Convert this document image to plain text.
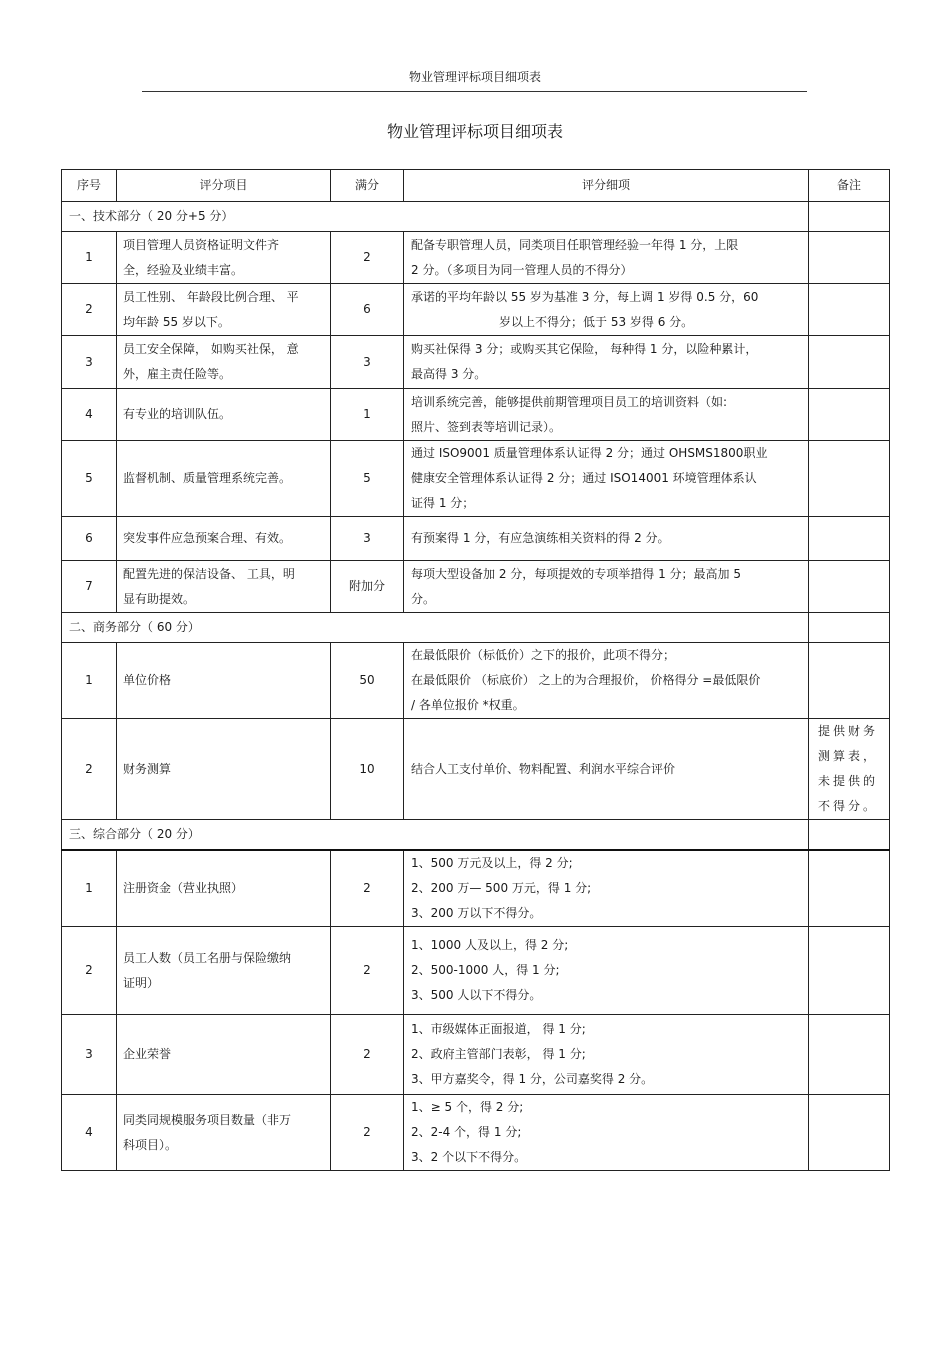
物业管理评标项目细项表
物业管理评标项目细项表
序号	评分项目	满分	评分细项	备注
一、技术部分（ 20 分+5 分）				
1	项目管理人员资格证明文件齐
全，经验及业绩丰富。	2	配备专职管理人员，同类项目任职管理经验一年得 1 分，上限
2 分。（多项目为同一管理人员的不得分）	

2	员工性别、 年龄段比例合理、 平
均年龄 55 岁以下。	6	承诺的平均年龄以 55 岁为基准 3 分，每上调 1 岁得 0.5 分，60
岁以上不得分；低于 53 岁得 6 分。	

3	员工安全保障， 如购买社保， 意
外，雇主责任险等。	3	购买社保得 3 分；或购买其它保险， 每种得 1 分，以险种累计，
最高得 3 分。	

4	有专业的培训队伍。	1	培训系统完善，能够提供前期管理项目员工的培训资料（如:
照片、签到表等培训记录）。	

5	监督机制、质量管理系统完善。	5	通过 ISO9001 质量管理体系认证得 2 分；通过 OHSMS1800职业
健康安全管理体系认证得 2 分；通过 ISO14001 环境管理体系认
证得 1 分；	

6	突发事件应急预案合理、有效。	3	有预案得 1 分，有应急演练相关资料的得 2 分。	

7	配置先进的保洁设备、 工具，明
显有助提效。	附加分	每项大型设备加 2 分，每项提效的专项举措得 1 分；最高加 5
分。	

二、商务部分（ 60 分）				
1	单位价格	50	在最低限价（标低价）之下的报价，此项不得分；
在最低限价 （标底价） 之上的为合理报价， 价格得分 =最低限价
/ 各单位报价 *权重。	

2	财务测算	10	结合人工支付单价、物料配置、利润水平综合评价	提供财务
测算表，
未提供的
不得分。

三、综合部分（ 20 分）				
1	注册资金（营业执照）	2	1、500 万元及以上，得 2 分;
2、200 万— 500 万元，得 1 分;
3、200 万以下不得分。	

2	员工人数（员工名册与保险缴纳
证明）	2	1、1000 人及以上，得 2 分;
2、500-1000 人，得 1 分;
3、500 人以下不得分。	

3	企业荣誉	2	1、市级媒体正面报道， 得 1 分;
2、政府主管部门表彰， 得 1 分;
3、甲方嘉奖令，得 1 分，公司嘉奖得 2 分。	

4	同类同规模服务项目数量（非万
科项目）。	2	1、≥ 5 个，得 2 分;
2、2-4 个，得 1 分;
3、2 个以下不得分。	
